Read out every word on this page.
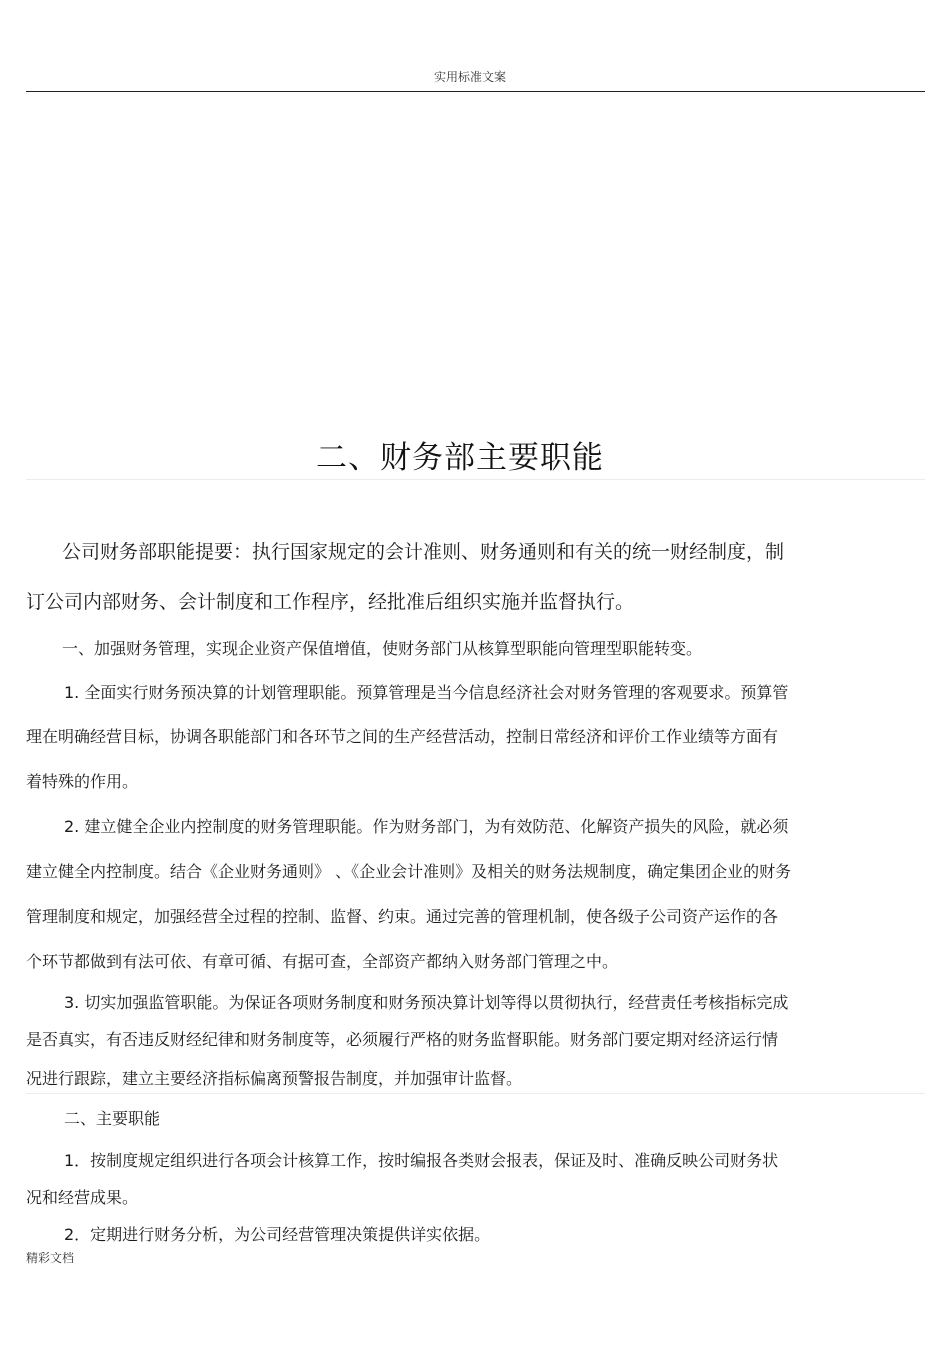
实用标准文案
二、财务部主要职能
公司财务部职能提要：执行国家规定的会计准则、财务通则和有关的统一财经制度，制
订公司内部财务、会计制度和工作程序，经批准后组织实施并监督执行。
一、加强财务管理，实现企业资产保值增值，使财务部门从核算型职能向管理型职能转变。
1. 全面实行财务预决算的计划管理职能。预算管理是当今信息经济社会对财务管理的客观要求。预算管
理在明确经营目标，协调各职能部门和各环节之间的生产经营活动，控制日常经济和评价工作业绩等方面有
着特殊的作用。
2. 建立健全企业内控制度的财务管理职能。作为财务部门，为有效防范、化解资产损失的风险，就必须
建立健全内控制度。结合《企业财务通则》 、《企业会计准则》及相关的财务法规制度，确定集团企业的财务
管理制度和规定，加强经营全过程的控制、监督、约束。通过完善的管理机制，使各级子公司资产运作的各
个环节都做到有法可依、有章可循、有据可查，全部资产都纳入财务部门管理之中。
3. 切实加强监管职能。为保证各项财务制度和财务预决算计划等得以贯彻执行，经营责任考核指标完成
是否真实，有否违反财经纪律和财务制度等，必须履行严格的财务监督职能。财务部门要定期对经济运行情
况进行跟踪，建立主要经济指标偏离预警报告制度，并加强审计监督。
二、主要职能
1．按制度规定组织进行各项会计核算工作，按时编报各类财会报表，保证及时、准确反映公司财务状
况和经营成果。
2．定期进行财务分析，为公司经营管理决策提供详实依据。
精彩文档
